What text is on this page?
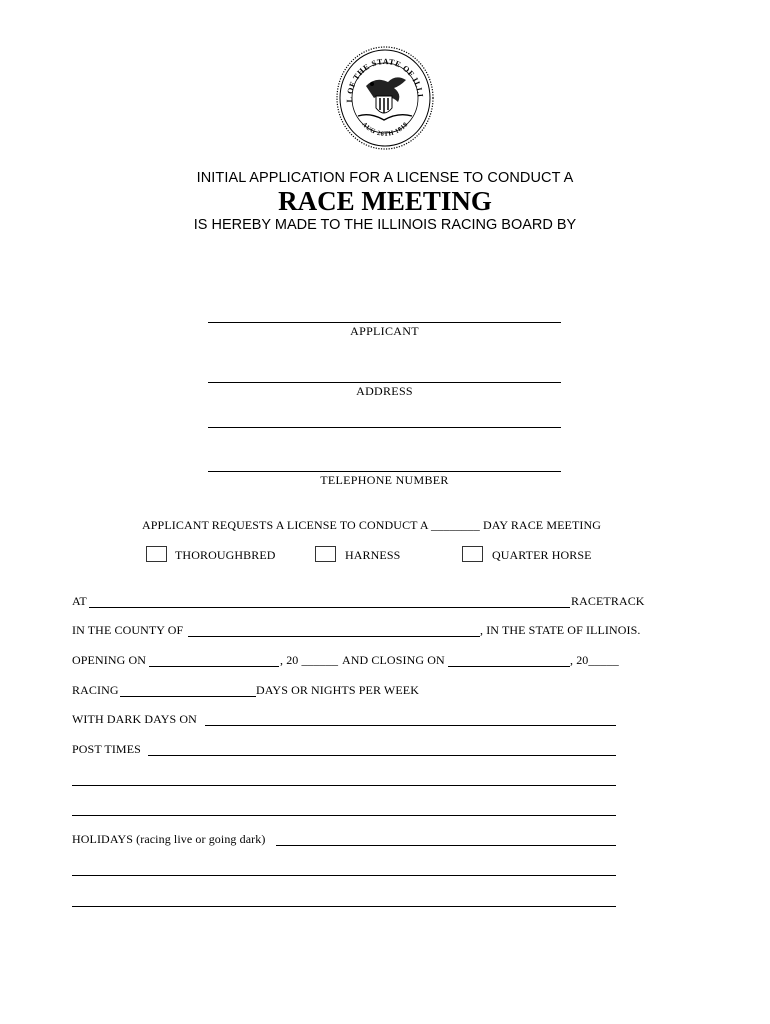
L OF THE STATE OF ILLI
AUG 26TH 1818
INITIAL APPLICATION FOR A LICENSE TO CONDUCT A
RACE MEETING
IS HEREBY MADE TO THE ILLINOIS RACING BOARD BY
APPLICANT
ADDRESS
TELEPHONE NUMBER
APPLICANT REQUESTS A LICENSE TO CONDUCT A ________ DAY RACE MEETING
THOROUGHBRED	HARNESS	QUARTER HORSE
AT	RACETRACK
IN THE COUNTY OF	, IN THE STATE OF ILLINOIS.
OPENING ON	, 20 ______ AND CLOSING ON	, 20_____
RACING	DAYS OR NIGHTS PER WEEK
WITH DARK DAYS ON
POST TIMES
HOLIDAYS (racing live or going dark)
